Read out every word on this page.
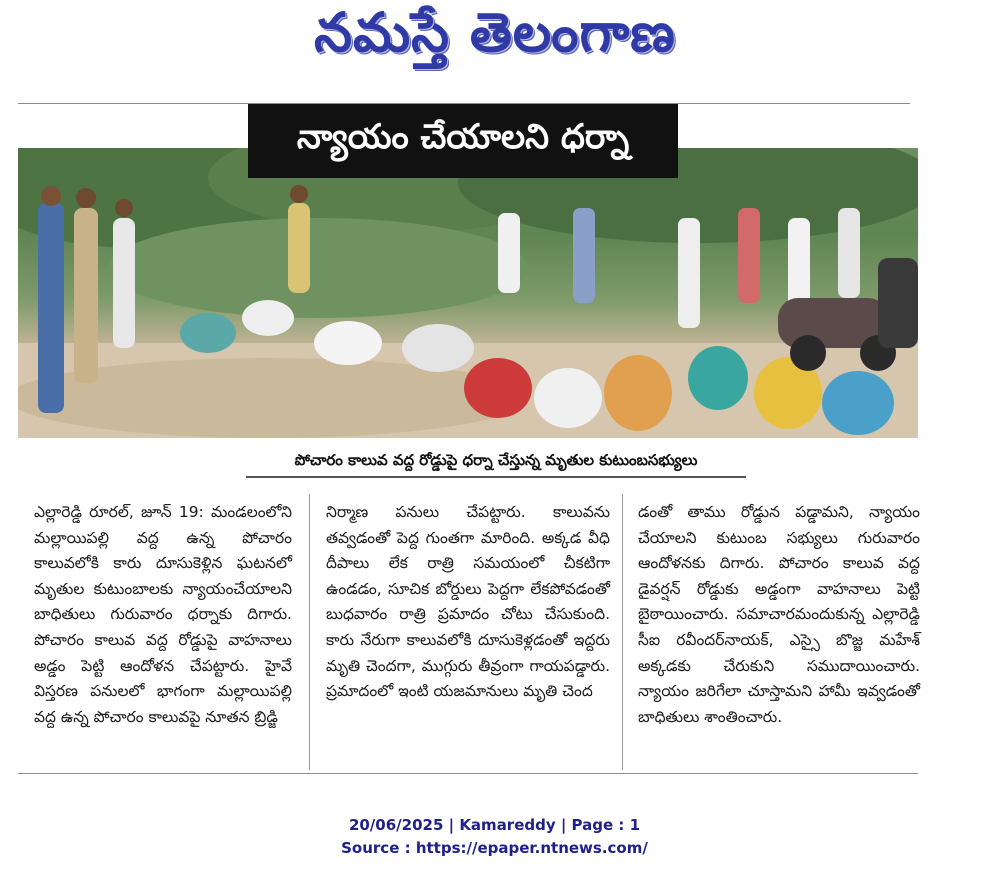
నమస్తే తెలంగాణ
న్యాయం చేయాలని ధర్నా
పోచారం కాలువ వద్ద రోడ్డుపై ధర్నా చేస్తున్న మృతుల కుటుంబసభ్యులు
ఎల్లారెడ్డి రూరల్, జూన్ 19: మండలంలోని మల్లాయిపల్లి వద్ద ఉన్న పోచారం కాలువలోకి కారు దూసుకెళ్లిన ఘటనలో మృతుల కుటుంబాలకు న్యాయంచేయాలని బాధితులు గురువారం ధర్నాకు దిగారు. పోచారం కాలువ వద్ద రోడ్డుపై వాహనాలు అడ్డం పెట్టి ఆందోళన చేపట్టారు. హైవే విస్తరణ పనులలో భాగంగా మల్లాయిపల్లి వద్ద ఉన్న పోచారం కాలువపై నూతన బ్రిడ్జి
నిర్మాణ పనులు చేపట్టారు. కాలువను తవ్వడంతో పెద్ద గుంతగా మారింది. అక్కడ వీధి దీపాలు లేక రాత్రి సమయంలో చీకటిగా ఉండడం, సూచిక బోర్డులు పెద్దగా లేకపోవడంతో బుధవారం రాత్రి ప్రమాదం చోటు చేసుకుంది. కారు నేరుగా కాలువలోకి దూసుకెళ్లడంతో ఇద్దరు మృతి చెందగా, ముగ్గురు తీవ్రంగా గాయపడ్డారు. ప్రమాదంలో ఇంటి యజమానులు మృతి చెంద
డంతో తాము రోడ్డున పడ్డామని, న్యాయం చేయాలని కుటుంబ సభ్యులు గురువారం ఆందోళనకు దిగారు. పోచారం కాలువ వద్ద డైవర్షన్ రోడ్డుకు అడ్డంగా వాహనాలు పెట్టి బైఠాయించారు. సమాచారమందుకున్న ఎల్లారెడ్డి సీఐ రవీందర్‌నాయక్, ఎస్సై బొజ్జ మహేశ్ అక్కడకు చేరుకుని సముదాయించారు. న్యాయం జరిగేలా చూస్తామని హామీ ఇవ్వడంతో బాధితులు శాంతించారు.
20/06/2025 | Kamareddy | Page : 1
Source : https://epaper.ntnews.com/
